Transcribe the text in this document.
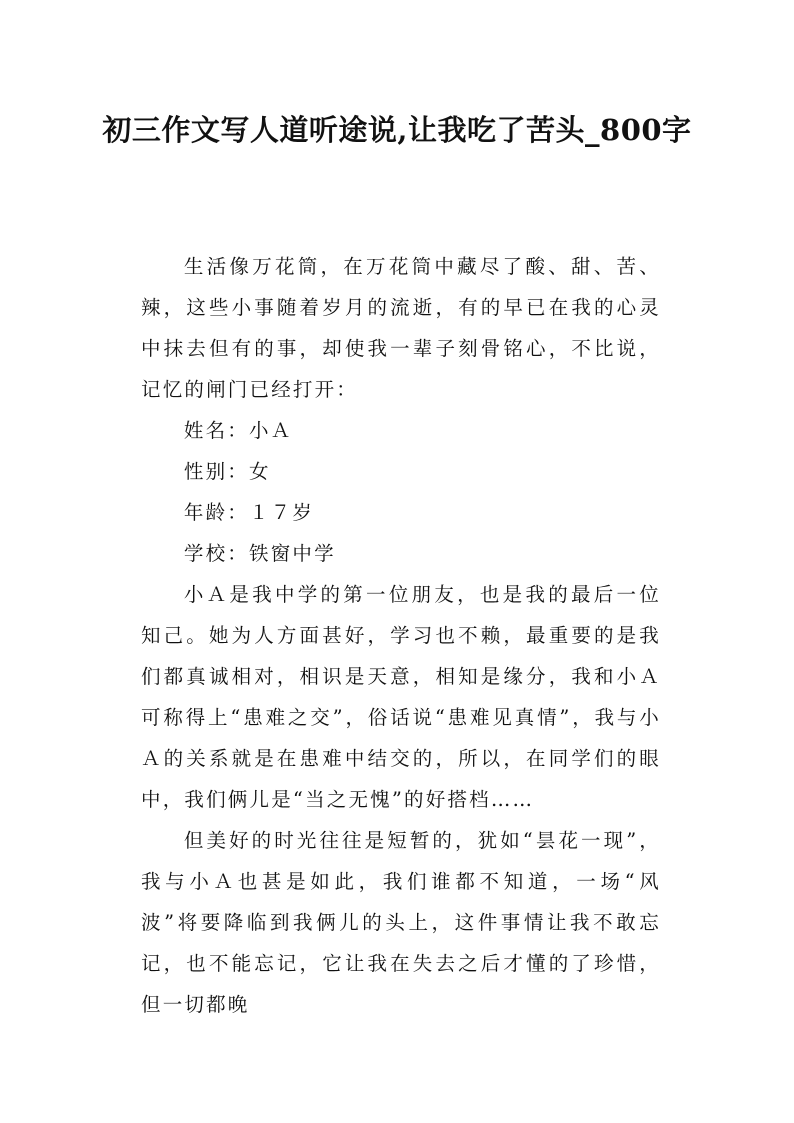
初三作文写人道听途说,让我吃了苦头_800字

生活像万花筒，在万花筒中藏尽了酸、甜、苦、辣，这些小事随着岁月的流逝，有的早已在我的心灵中抹去但有的事，却使我一辈子刻骨铭心，不比说，记忆的闸门已经打开：

姓名：小Ａ

性别：女

年龄：１７岁

学校：铁窗中学

小Ａ是我中学的第一位朋友，也是我的最后一位知己。她为人方面甚好，学习也不赖，最重要的是我们都真诚相对，相识是天意，相知是缘分，我和小Ａ可称得上“患难之交”，俗话说“患难见真情”，我与小Ａ的关系就是在患难中结交的，所以，在同学们的眼中，我们俩儿是“当之无愧”的好搭档……

但美好的时光往往是短暂的，犹如“昙花一现”，我与小Ａ也甚是如此，我们谁都不知道，一场“风波”将要降临到我俩儿的头上，这件事情让我不敢忘记，也不能忘记，它让我在失去之后才懂的了珍惜，但一切都晚
